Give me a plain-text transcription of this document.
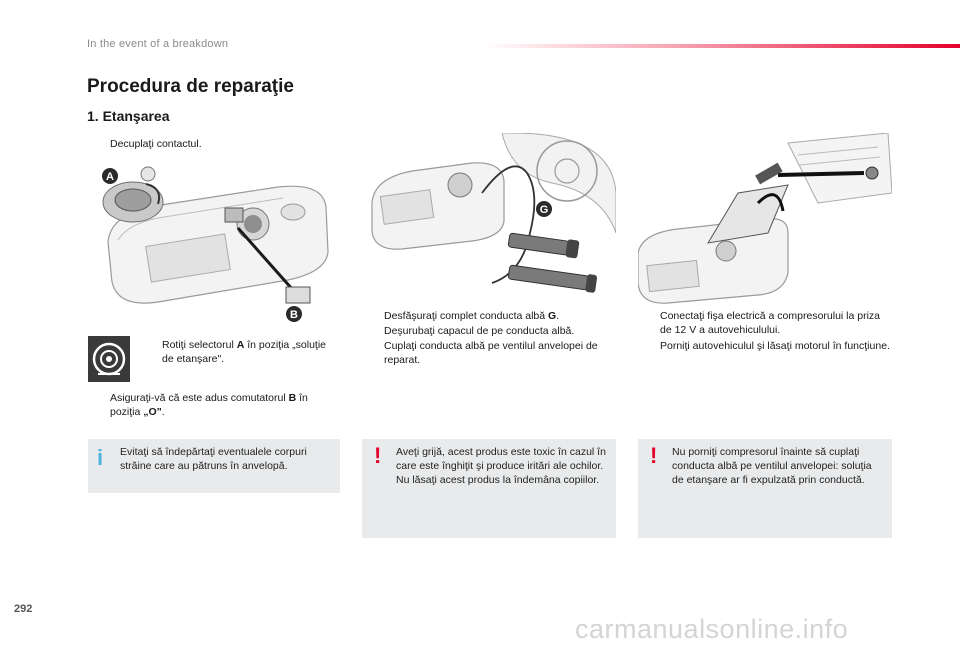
In the event of a breakdown
Procedura de reparaţie
1. Etanşarea
Decuplaţi contactul.
A
B
Rotiţi selectorul A în poziţia „soluţie de etanşare".
Asiguraţi-vă că este adus comutatorul B în poziţia „O".
i Evitaţi să îndepărtaţi eventualele corpuri străine care au pătruns în anvelopă.
G
Desfăşuraţi complet conducta albă G.
Deşurubaţi capacul de pe conducta albă.
Cuplaţi conducta albă pe ventilul anvelopei de reparat.
! Aveţi grijă, acest produs este toxic în cazul în care este înghiţit şi produce iritări ale ochilor.
Nu lăsaţi acest produs la îndemâna copiilor.
Conectaţi fişa electrică a compresorului la priza de 12 V a autovehiculului.
Porniţi autovehiculul şi lăsaţi motorul în funcţiune.
! Nu porniţi compresorul înainte să cuplaţi conducta albă pe ventilul anvelopei: soluţia de etanşare ar fi expulzată prin conductă.
292
carmanualsonline.info
